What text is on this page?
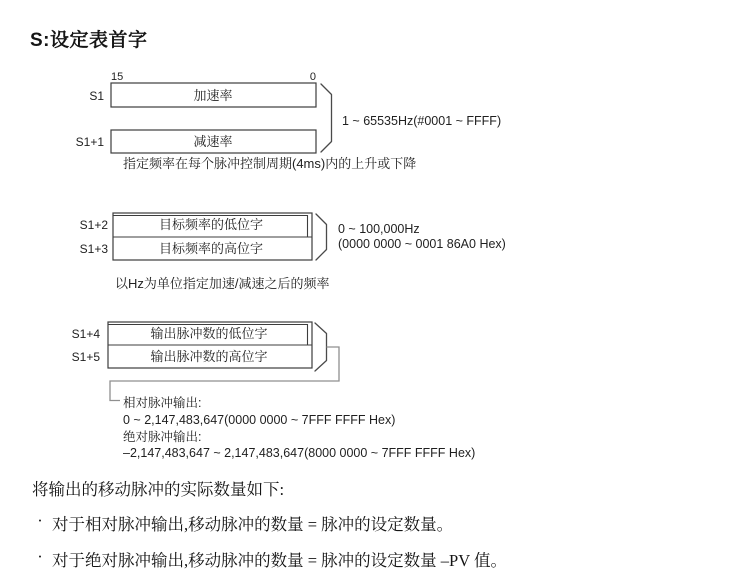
S:设定表首字
15	0
加速率
S1
减速率
S1+1
1 ~ 65535Hz(#0001 ~ FFFF)
指定频率在每个脉冲控制周期(4ms)内的上升或下降
目标频率的低位字
目标频率的高位字
S1+2
S1+3
0 ~ 100,000Hz
(0000 0000 ~ 0001 86A0 Hex)
以Hz为单位指定加速/减速之后的频率
输出脉冲数的低位字
输出脉冲数的高位字
S1+4
S1+5
相对脉冲输出:
0 ~ 2,147,483,647(0000 0000 ~ 7FFF FFFF Hex)
绝对脉冲输出:
–2,147,483,647 ~ 2,147,483,647(8000 0000 ~ 7FFF FFFF Hex)
将输出的移动脉冲的实际数量如下:
· 对于相对脉冲输出,移动脉冲的数量 = 脉冲的设定数量。
· 对于绝对脉冲输出,移动脉冲的数量 = 脉冲的设定数量 –PV 值。
